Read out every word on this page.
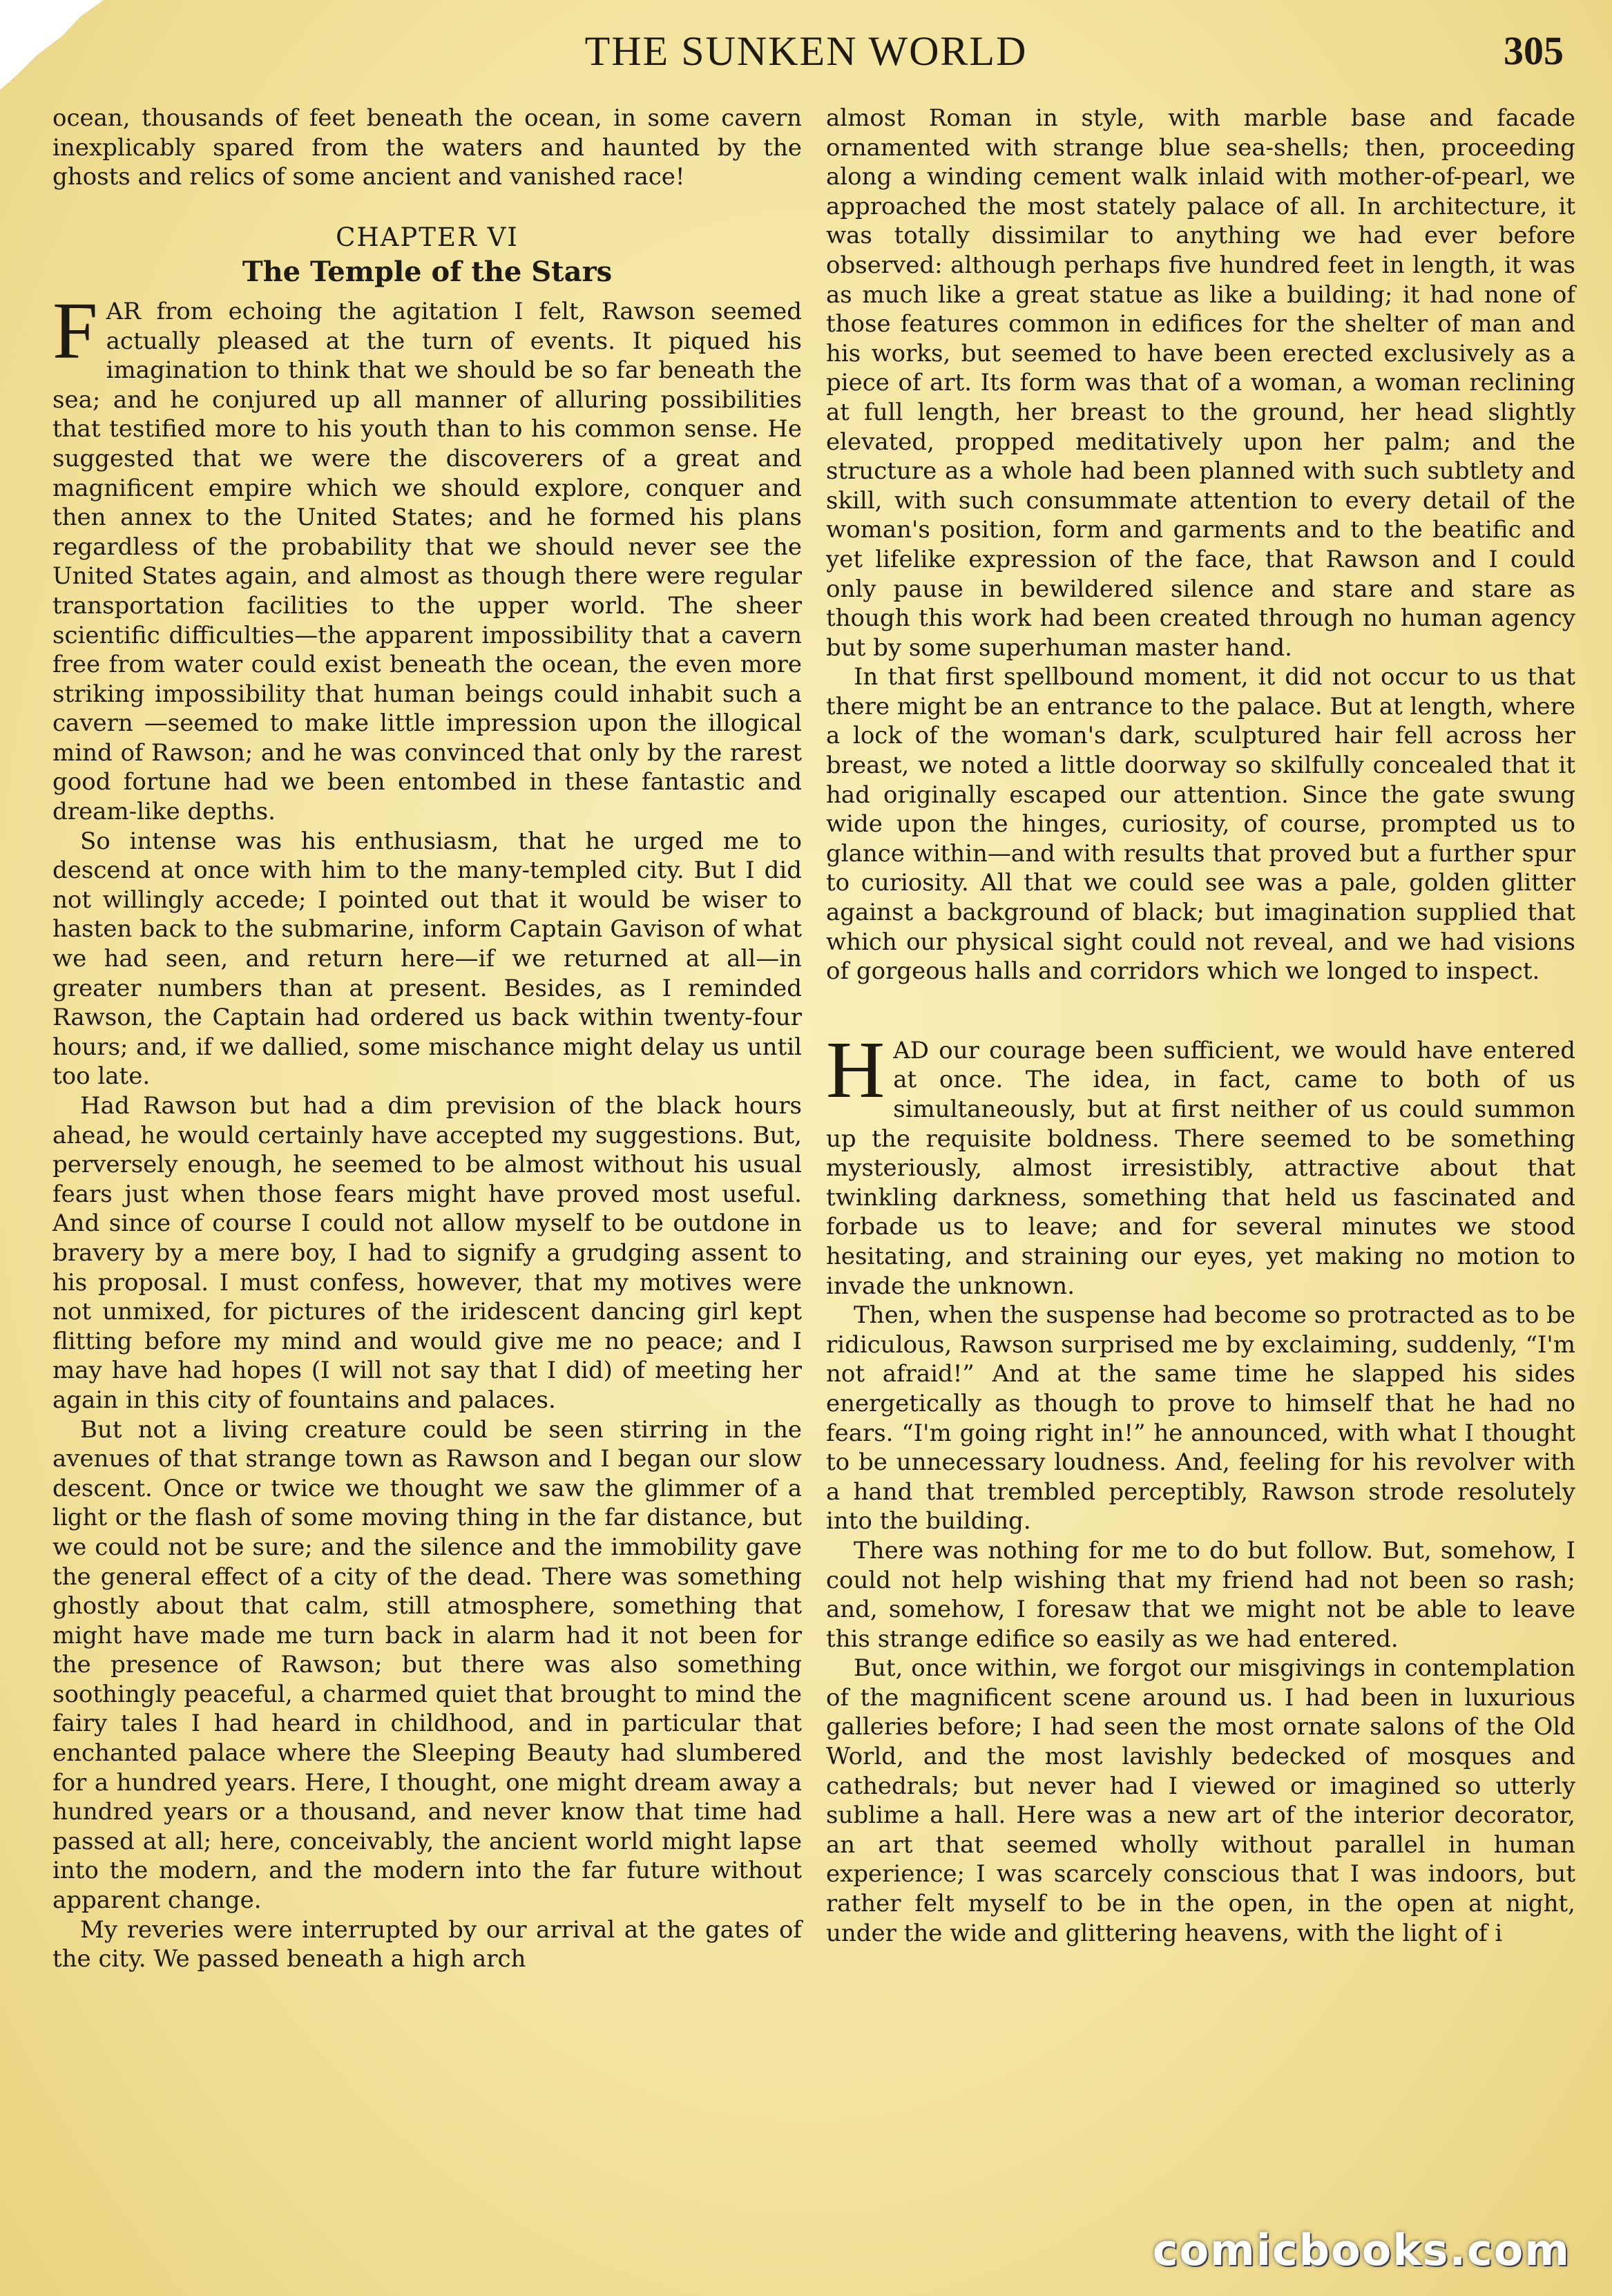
THE SUNKEN WORLD	305

ocean, thousands of feet beneath the ocean, in some cavern inexplicably spared from the waters and haunted by the ghosts and relics of some ancient and vanished race!

CHAPTER VI
The Temple of the Stars

FAR from echoing the agitation I felt, Rawson seemed actually pleased at the turn of events. It piqued his imagination to think that we should be so far beneath the sea; and he conjured up all manner of alluring possibilities that testified more to his youth than to his common sense. He suggested that we were the discoverers of a great and magnificent empire which we should explore, conquer and then annex to the United States; and he formed his plans regardless of the probability that we should never see the United States again, and almost as though there were regular transportation facilities to the upper world. The sheer scientific difficulties—the apparent impossibility that a cavern free from water could exist beneath the ocean, the even more striking impossibility that human beings could inhabit such a cavern —seemed to make little impression upon the illogical mind of Rawson; and he was convinced that only by the rarest good fortune had we been entombed in these fantastic and dream-like depths.

So intense was his enthusiasm, that he urged me to descend at once with him to the many-templed city. But I did not willingly accede; I pointed out that it would be wiser to hasten back to the submarine, inform Captain Gavison of what we had seen, and return here—if we returned at all—in greater numbers than at present. Besides, as I reminded Rawson, the Captain had ordered us back within twenty-four hours; and, if we dallied, some mischance might delay us until too late.

Had Rawson but had a dim prevision of the black hours ahead, he would certainly have accepted my suggestions. But, perversely enough, he seemed to be almost without his usual fears just when those fears might have proved most useful. And since of course I could not allow myself to be outdone in bravery by a mere boy, I had to signify a grudging assent to his proposal. I must confess, however, that my motives were not unmixed, for pictures of the iridescent dancing girl kept flitting before my mind and would give me no peace; and I may have had hopes (I will not say that I did) of meeting her again in this city of fountains and palaces.

But not a living creature could be seen stirring in the avenues of that strange town as Rawson and I began our slow descent. Once or twice we thought we saw the glimmer of a light or the flash of some moving thing in the far distance, but we could not be sure; and the silence and the immobility gave the general effect of a city of the dead. There was something ghostly about that calm, still atmosphere, something that might have made me turn back in alarm had it not been for the presence of Rawson; but there was also something soothingly peaceful, a charmed quiet that brought to mind the fairy tales I had heard in childhood, and in particular that enchanted palace where the Sleeping Beauty had slumbered for a hundred years. Here, I thought, one might dream away a hundred years or a thousand, and never know that time had passed at all; here, conceivably, the ancient world might lapse into the modern, and the modern into the far future without apparent change.

My reveries were interrupted by our arrival at the gates of the city. We passed beneath a high arch

almost Roman in style, with marble base and facade ornamented with strange blue sea-shells; then, proceeding along a winding cement walk inlaid with mother-of-pearl, we approached the most stately palace of all. In architecture, it was totally dissimilar to anything we had ever before observed: although perhaps five hundred feet in length, it was as much like a great statue as like a building; it had none of those features common in edifices for the shelter of man and his works, but seemed to have been erected exclusively as a piece of art. Its form was that of a woman, a woman reclining at full length, her breast to the ground, her head slightly elevated, propped meditatively upon her palm; and the structure as a whole had been planned with such subtlety and skill, with such consummate attention to every detail of the woman's position, form and garments and to the beatific and yet lifelike expression of the face, that Rawson and I could only pause in bewildered silence and stare and stare as though this work had been created through no human agency but by some superhuman master hand.

In that first spellbound moment, it did not occur to us that there might be an entrance to the palace. But at length, where a lock of the woman's dark, sculptured hair fell across her breast, we noted a little doorway so skilfully concealed that it had originally escaped our attention. Since the gate swung wide upon the hinges, curiosity, of course, prompted us to glance within—and with results that proved but a further spur to curiosity. All that we could see was a pale, golden glitter against a background of black; but imagination supplied that which our physical sight could not reveal, and we had visions of gorgeous halls and corridors which we longed to inspect.

HAD our courage been sufficient, we would have entered at once. The idea, in fact, came to both of us simultaneously, but at first neither of us could summon up the requisite boldness. There seemed to be something mysteriously, almost irresistibly, attractive about that twinkling darkness, something that held us fascinated and forbade us to leave; and for several minutes we stood hesitating, and straining our eyes, yet making no motion to invade the unknown.

Then, when the suspense had become so protracted as to be ridiculous, Rawson surprised me by exclaiming, suddenly, “I'm not afraid!” And at the same time he slapped his sides energetically as though to prove to himself that he had no fears. “I'm going right in!” he announced, with what I thought to be unnecessary loudness. And, feeling for his revolver with a hand that trembled perceptibly, Rawson strode resolutely into the building.

There was nothing for me to do but follow. But, somehow, I could not help wishing that my friend had not been so rash; and, somehow, I foresaw that we might not be able to leave this strange edifice so easily as we had entered.

But, once within, we forgot our misgivings in contemplation of the magnificent scene around us. I had been in luxurious galleries before; I had seen the most ornate salons of the Old World, and the most lavishly bedecked of mosques and cathedrals; but never had I viewed or imagined so utterly sublime a hall. Here was a new art of the interior decorator, an art that seemed wholly without parallel in human experience; I was scarcely conscious that I was indoors, but rather felt myself to be in the open, in the open at night, under the wide and glittering heavens, with the light of i

comicbooks.com
